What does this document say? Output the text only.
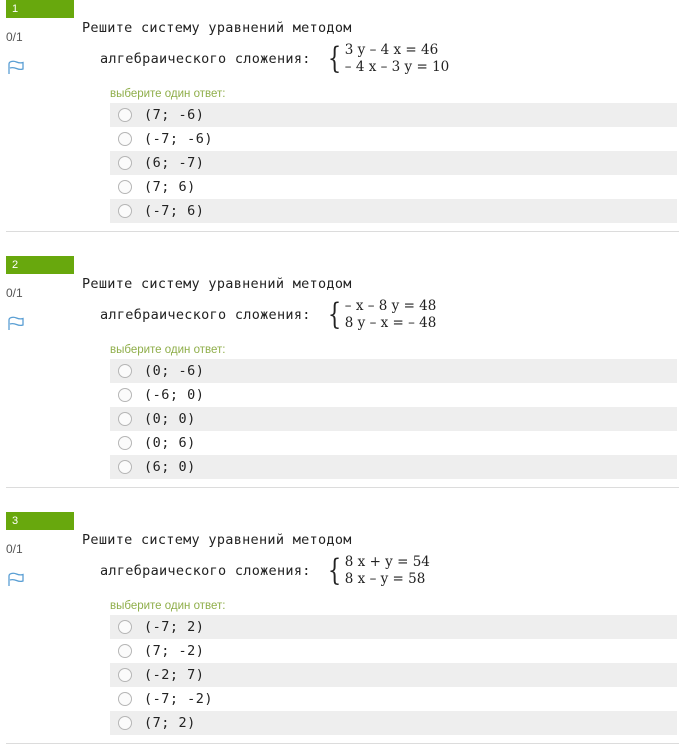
1
0/1
Решите систему уравнений методом
алгебраического сложения: { 3 y – 4 x = 46
– 4 x – 3 y = 10
выберите один ответ:
(7; -6)
(-7; -6)
(6; -7)
(7; 6)
(-7; 6)
2
0/1
Решите систему уравнений методом
алгебраического сложения: { – x – 8 y = 48
8 y – x = – 48
выберите один ответ:
(0; -6)
(-6; 0)
(0; 0)
(0; 6)
(6; 0)
3
0/1
Решите систему уравнений методом
алгебраического сложения: { 8 x + y = 54
8 x – y = 58
выберите один ответ:
(-7; 2)
(7; -2)
(-2; 7)
(-7; -2)
(7; 2)
